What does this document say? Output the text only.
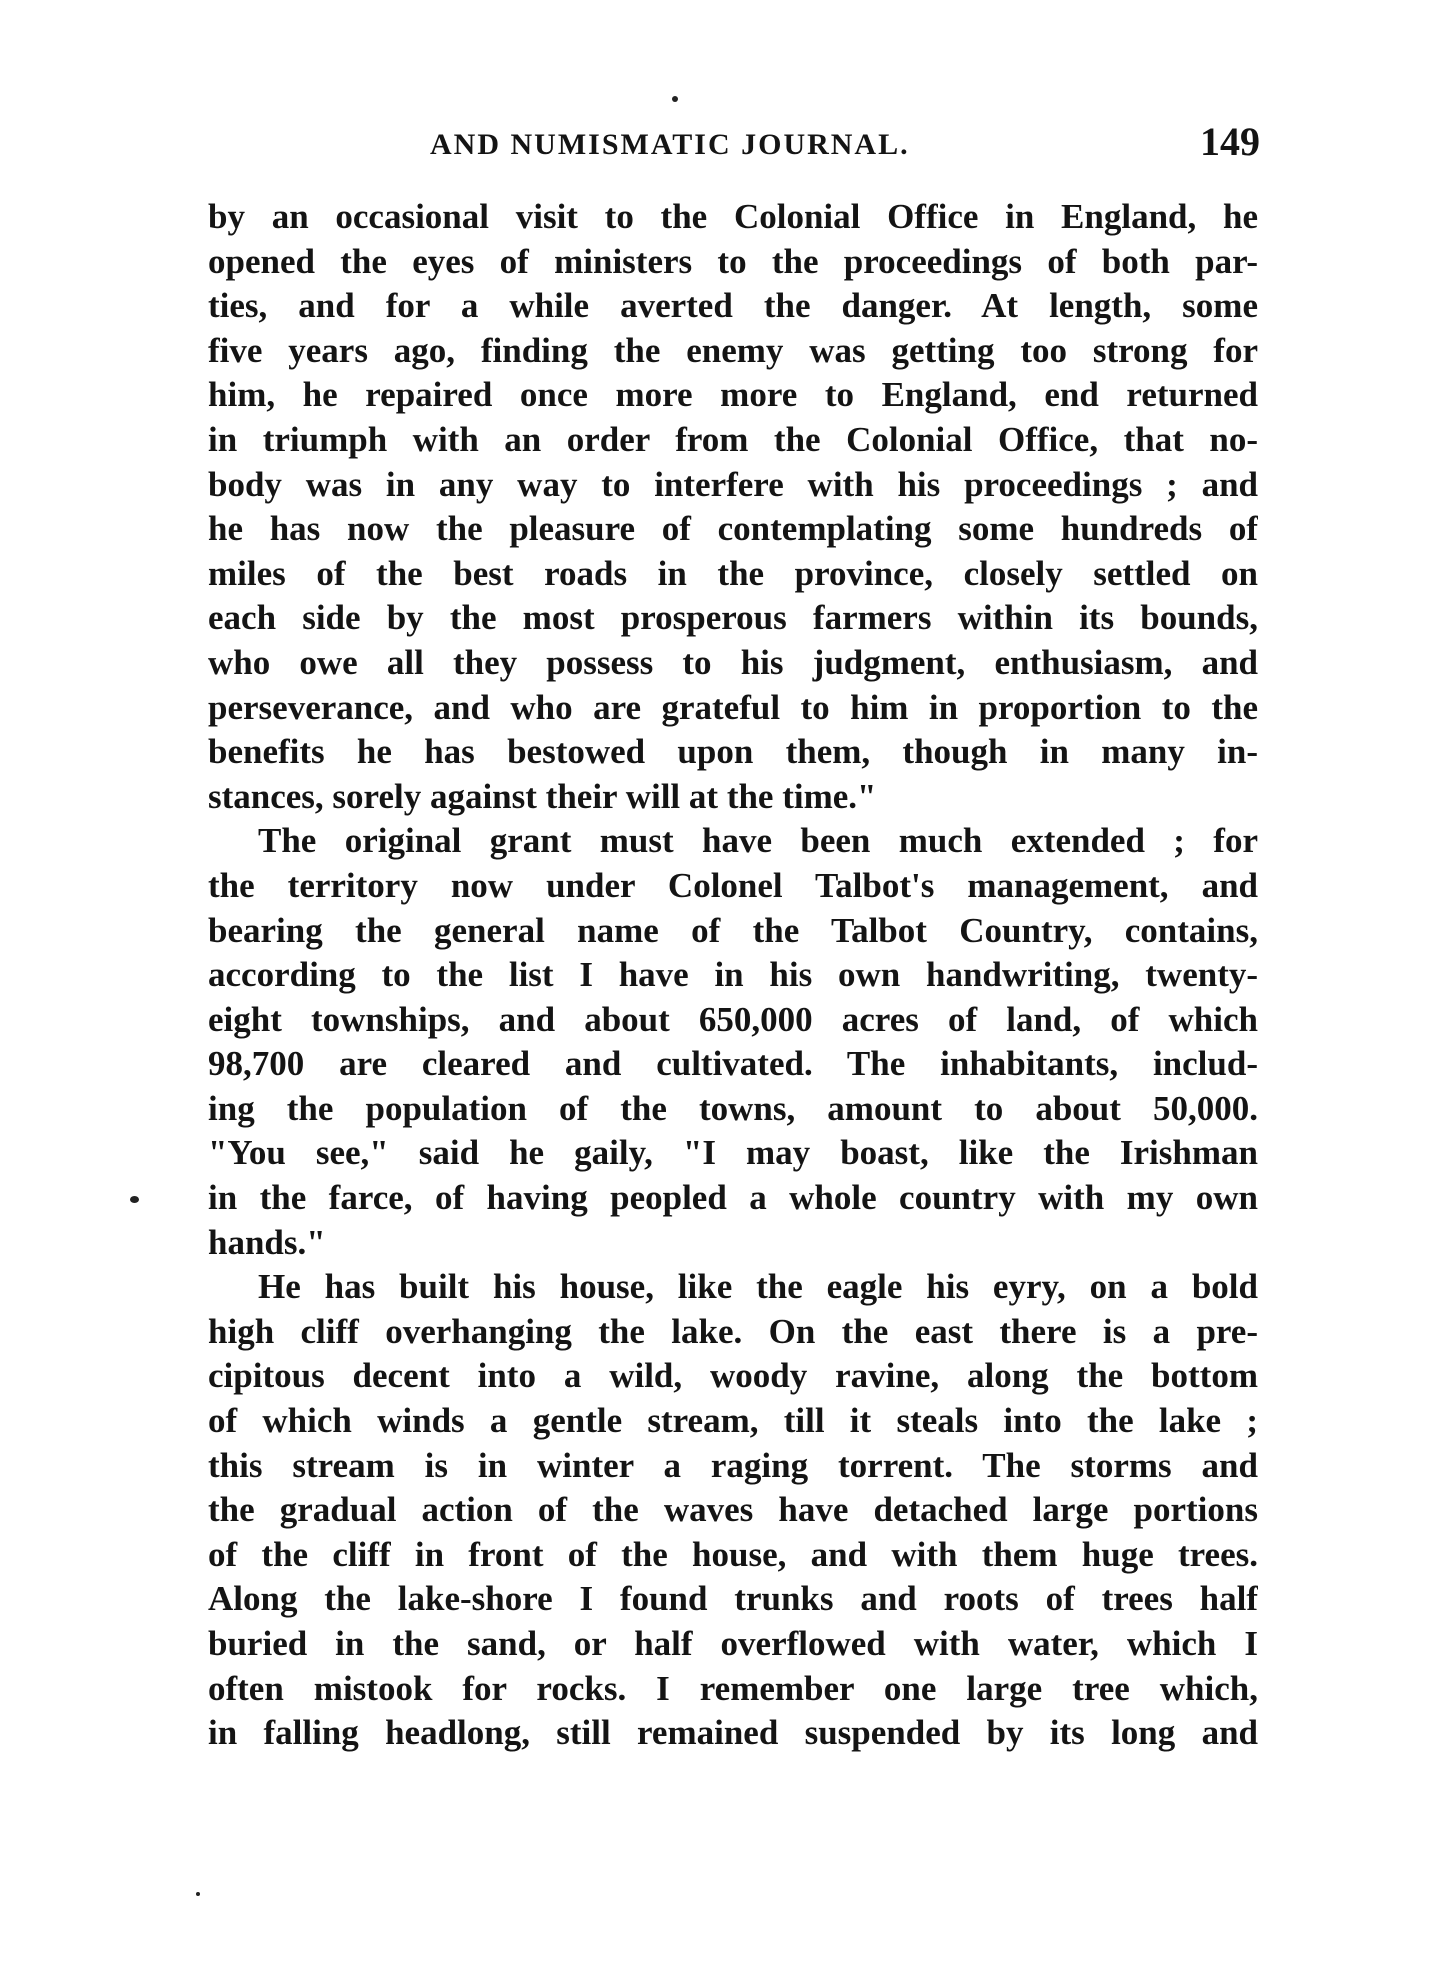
AND NUMISMATIC JOURNAL.	149
by an occasional visit to the Colonial Office in England, he
opened the eyes of ministers to the proceedings of both par-
ties, and for a while averted the danger. At length, some
five years ago, finding the enemy was getting too strong for
him, he repaired once more more to England, end returned
in triumph with an order from the Colonial Office, that no-
body was in any way to interfere with his proceedings ; and
he has now the pleasure of contemplating some hundreds of
miles of the best roads in the province, closely settled on
each side by the most prosperous farmers within its bounds,
who owe all they possess to his judgment, enthusiasm, and
perseverance, and who are grateful to him in proportion to the
benefits he has bestowed upon them, though in many in-
stances, sorely against their will at the time."
The original grant must have been much extended ; for
the territory now under Colonel Talbot's management, and
bearing the general name of the Talbot Country, contains,
according to the list I have in his own handwriting, twenty-
eight townships, and about 650,000 acres of land, of which
98,700 are cleared and cultivated. The inhabitants, includ-
ing the population of the towns, amount to about 50,000.
"You see," said he gaily, "I may boast, like the Irishman
in the farce, of having peopled a whole country with my own
hands."
He has built his house, like the eagle his eyry, on a bold
high cliff overhanging the lake. On the east there is a pre-
cipitous decent into a wild, woody ravine, along the bottom
of which winds a gentle stream, till it steals into the lake ;
this stream is in winter a raging torrent. The storms and
the gradual action of the waves have detached large portions
of the cliff in front of the house, and with them huge trees.
Along the lake-shore I found trunks and roots of trees half
buried in the sand, or half overflowed with water, which I
often mistook for rocks. I remember one large tree which,
in falling headlong, still remained suspended by its long and
